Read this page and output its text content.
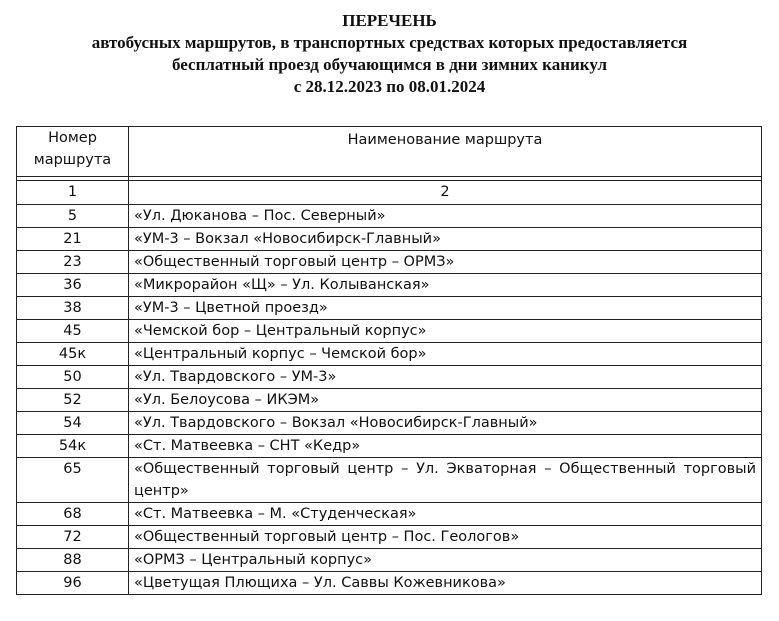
ПЕРЕЧЕНЬ
автобусных маршрутов, в транспортных средствах которых предоставляется
бесплатный проезд обучающимся в дни зимних каникул
с 28.12.2023 по 08.01.2024
Номер
маршрута	Наименование маршрута

1	2
5	«Ул. Дюканова – Пос. Северный»
21	«УМ-3 – Вокзал «Новосибирск-Главный»
23	«Общественный торговый центр – ОРМЗ»
36	«Микрорайон «Щ» – Ул. Колыванская»
38	«УМ-3 – Цветной проезд»
45	«Чемской бор – Центральный корпус»
45к	«Центральный корпус – Чемской бор»
50	«Ул. Твардовского – УМ-3»
52	«Ул. Белоусова – ИКЭМ»
54	«Ул. Твардовского – Вокзал «Новосибирск-Главный»
54к	«Ст. Матвеевка – СНТ «Кедр»
65	«Общественный торговый центр – Ул. Экваторная – Общественный торговый центр»
68	«Ст. Матвеевка – М. «Студенческая»
72	«Общественный торговый центр – Пос. Геологов»
88	«ОРМЗ – Центральный корпус»
96	«Цветущая Плющиха – Ул. Саввы Кожевникова»
